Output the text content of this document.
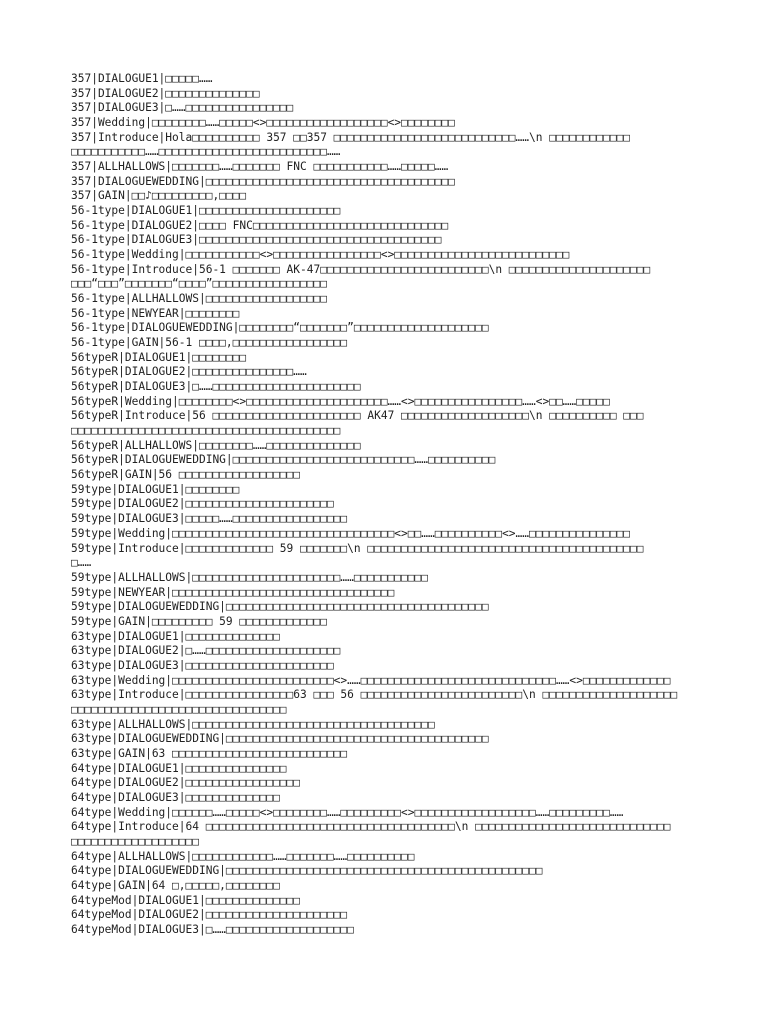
357|DIALOGUE1|□□□□□……
357|DIALOGUE2|□□□□□□□□□□□□□□
357|DIALOGUE3|□……□□□□□□□□□□□□□□□□
357|Wedding|□□□□□□□□……□□□□□<>□□□□□□□□□□□□□□□□□□<>□□□□□□□□
357|Introduce|Hola□□□□□□□□□□ 357 □□357 □□□□□□□□□□□□□□□□□□□□□□□□□□□……\n □□□□□□□□□□□□
□□□□□□□□□□□……□□□□□□□□□□□□□□□□□□□□□□□□□……
357|ALLHALLOWS|□□□□□□□……□□□□□□□ FNC □□□□□□□□□□□……□□□□□……
357|DIALOGUEWEDDING|□□□□□□□□□□□□□□□□□□□□□□□□□□□□□□□□□□□□□
357|GAIN|□□♪□□□□□□□□□,□□□□
56-1type|DIALOGUE1|□□□□□□□□□□□□□□□□□□□□□
56-1type|DIALOGUE2|□□□□ FNC□□□□□□□□□□□□□□□□□□□□□□□□□□□□□
56-1type|DIALOGUE3|□□□□□□□□□□□□□□□□□□□□□□□□□□□□□□□□□□□□
56-1type|Wedding|□□□□□□□□□□□<>□□□□□□□□□□□□□□□□<>□□□□□□□□□□□□□□□□□□□□□□□□□□
56-1type|Introduce|56-1 □□□□□□□ AK-47□□□□□□□□□□□□□□□□□□□□□□□□□\n □□□□□□□□□□□□□□□□□□□□□
□□□“□□□”□□□□□□□“□□□□”□□□□□□□□□□□□□□□□□
56-1type|ALLHALLOWS|□□□□□□□□□□□□□□□□□□
56-1type|NEWYEAR|□□□□□□□□
56-1type|DIALOGUEWEDDING|□□□□□□□□“□□□□□□□”□□□□□□□□□□□□□□□□□□□□
56-1type|GAIN|56-1 □□□□,□□□□□□□□□□□□□□□□□
56typeR|DIALOGUE1|□□□□□□□□
56typeR|DIALOGUE2|□□□□□□□□□□□□□□□……
56typeR|DIALOGUE3|□……□□□□□□□□□□□□□□□□□□□□□□
56typeR|Wedding|□□□□□□□□<>□□□□□□□□□□□□□□□□□□□□□……<>□□□□□□□□□□□□□□□□……<>□□……□□□□□
56typeR|Introduce|56 □□□□□□□□□□□□□□□□□□□□□□ AK47 □□□□□□□□□□□□□□□□□□□\n □□□□□□□□□□ □□□
□□□□□□□□□□□□□□□□□□□□□□□□□□□□□□□□□□□□□□□□
56typeR|ALLHALLOWS|□□□□□□□□……□□□□□□□□□□□□□□
56typeR|DIALOGUEWEDDING|□□□□□□□□□□□□□□□□□□□□□□□□□□□……□□□□□□□□□□
56typeR|GAIN|56 □□□□□□□□□□□□□□□□□□
59type|DIALOGUE1|□□□□□□□□
59type|DIALOGUE2|□□□□□□□□□□□□□□□□□□□□□□
59type|DIALOGUE3|□□□□□……□□□□□□□□□□□□□□□□□
59type|Wedding|□□□□□□□□□□□□□□□□□□□□□□□□□□□□□□□□□<>□□……□□□□□□□□□□<>……□□□□□□□□□□□□□□□
59type|Introduce|□□□□□□□□□□□□□ 59 □□□□□□□\n □□□□□□□□□□□□□□□□□□□□□□□□□□□□□□□□□□□□□□□□□
□……
59type|ALLHALLOWS|□□□□□□□□□□□□□□□□□□□□□□……□□□□□□□□□□□
59type|NEWYEAR|□□□□□□□□□□□□□□□□□□□□□□□□□□□□□□□□□
59type|DIALOGUEWEDDING|□□□□□□□□□□□□□□□□□□□□□□□□□□□□□□□□□□□□□□□
59type|GAIN|□□□□□□□□□ 59 □□□□□□□□□□□□□
63type|DIALOGUE1|□□□□□□□□□□□□□□
63type|DIALOGUE2|□……□□□□□□□□□□□□□□□□□□□□
63type|DIALOGUE3|□□□□□□□□□□□□□□□□□□□□□□
63type|Wedding|□□□□□□□□□□□□□□□□□□□□□□□□<>……□□□□□□□□□□□□□□□□□□□□□□□□□□□□□……<>□□□□□□□□□□□□□
63type|Introduce|□□□□□□□□□□□□□□□□63 □□□ 56 □□□□□□□□□□□□□□□□□□□□□□□□\n □□□□□□□□□□□□□□□□□□□□
□□□□□□□□□□□□□□□□□□□□□□□□□□□□□□□□
63type|ALLHALLOWS|□□□□□□□□□□□□□□□□□□□□□□□□□□□□□□□□□□□□
63type|DIALOGUEWEDDING|□□□□□□□□□□□□□□□□□□□□□□□□□□□□□□□□□□□□□□□
63type|GAIN|63 □□□□□□□□□□□□□□□□□□□□□□□□□□
64type|DIALOGUE1|□□□□□□□□□□□□□□□
64type|DIALOGUE2|□□□□□□□□□□□□□□□□□
64type|DIALOGUE3|□□□□□□□□□□□□□□
64type|Wedding|□□□□□□……□□□□□<>□□□□□□□□……□□□□□□□□□<>□□□□□□□□□□□□□□□□□□……□□□□□□□□□……
64type|Introduce|64 □□□□□□□□□□□□□□□□□□□□□□□□□□□□□□□□□□□□□\n □□□□□□□□□□□□□□□□□□□□□□□□□□□□□
□□□□□□□□□□□□□□□□□□□
64type|ALLHALLOWS|□□□□□□□□□□□□……□□□□□□□……□□□□□□□□□□
64type|DIALOGUEWEDDING|□□□□□□□□□□□□□□□□□□□□□□□□□□□□□□□□□□□□□□□□□□□□□□□
64type|GAIN|64 □,□□□□□,□□□□□□□□
64typeMod|DIALOGUE1|□□□□□□□□□□□□□□
64typeMod|DIALOGUE2|□□□□□□□□□□□□□□□□□□□□□
64typeMod|DIALOGUE3|□……□□□□□□□□□□□□□□□□□□□
